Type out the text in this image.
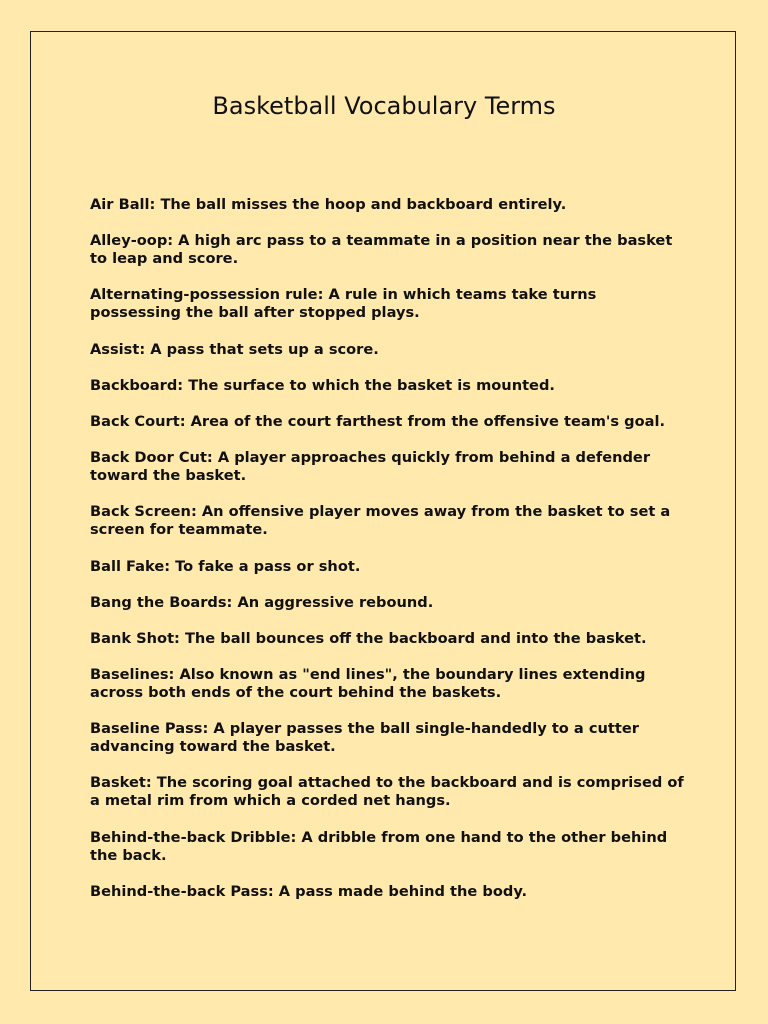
Basketball Vocabulary Terms
Air Ball: The ball misses the hoop and backboard entirely.
Alley-oop: A high arc pass to a teammate in a position near the basket to leap and score.
Alternating-possession rule: A rule in which teams take turns possessing the ball after stopped plays.
Assist: A pass that sets up a score.
Backboard: The surface to which the basket is mounted.
Back Court: Area of the court farthest from the offensive team's goal.
Back Door Cut: A player approaches quickly from behind a defender toward the basket.
Back Screen: An offensive player moves away from the basket to set a screen for teammate.
Ball Fake: To fake a pass or shot.
Bang the Boards: An aggressive rebound.
Bank Shot: The ball bounces off the backboard and into the basket.
Baselines: Also known as "end lines", the boundary lines extending across both ends of the court behind the baskets.
Baseline Pass: A player passes the ball single-handedly to a cutter advancing toward the basket.
Basket: The scoring goal attached to the backboard and is comprised of a metal rim from which a corded net hangs.
Behind-the-back Dribble: A dribble from one hand to the other behind the back.
Behind-the-back Pass: A pass made behind the body.
